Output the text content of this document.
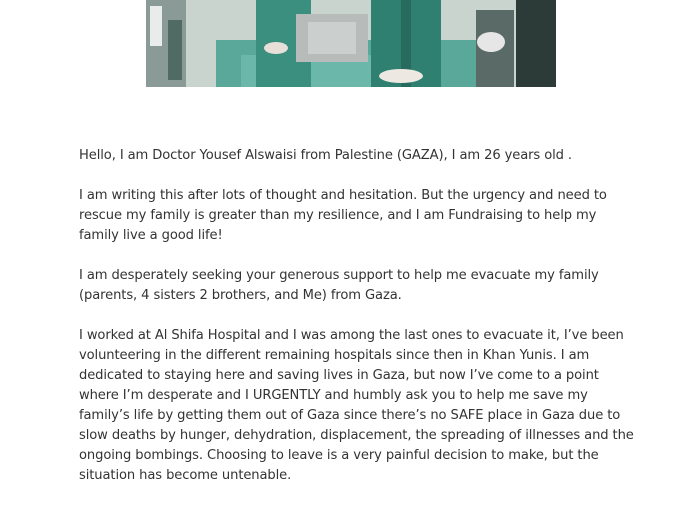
Hello, I am Doctor Yousef Alswaisi from Palestine (GAZA), I am 26 years old .

I am writing this after lots of thought and hesitation. But the urgency and need to rescue my family is greater than my resilience, and I am Fundraising to help my family live a good life!

I am desperately seeking your generous support to help me evacuate my family (parents, 4 sisters 2 brothers, and Me) from Gaza.

I worked at Al Shifa Hospital and I was among the last ones to evacuate it, I’ve been volunteering in the different remaining hospitals since then in Khan Yunis. I am dedicated to staying here and saving lives in Gaza, but now I’ve come to a point where I’m desperate and I URGENTLY and humbly ask you to help me save my family’s life by getting them out of Gaza since there’s no SAFE place in Gaza due to slow deaths by hunger, dehydration, displacement, the spreading of illnesses and the ongoing bombings. Choosing to leave is a very painful decision to make, but the situation has become untenable.
